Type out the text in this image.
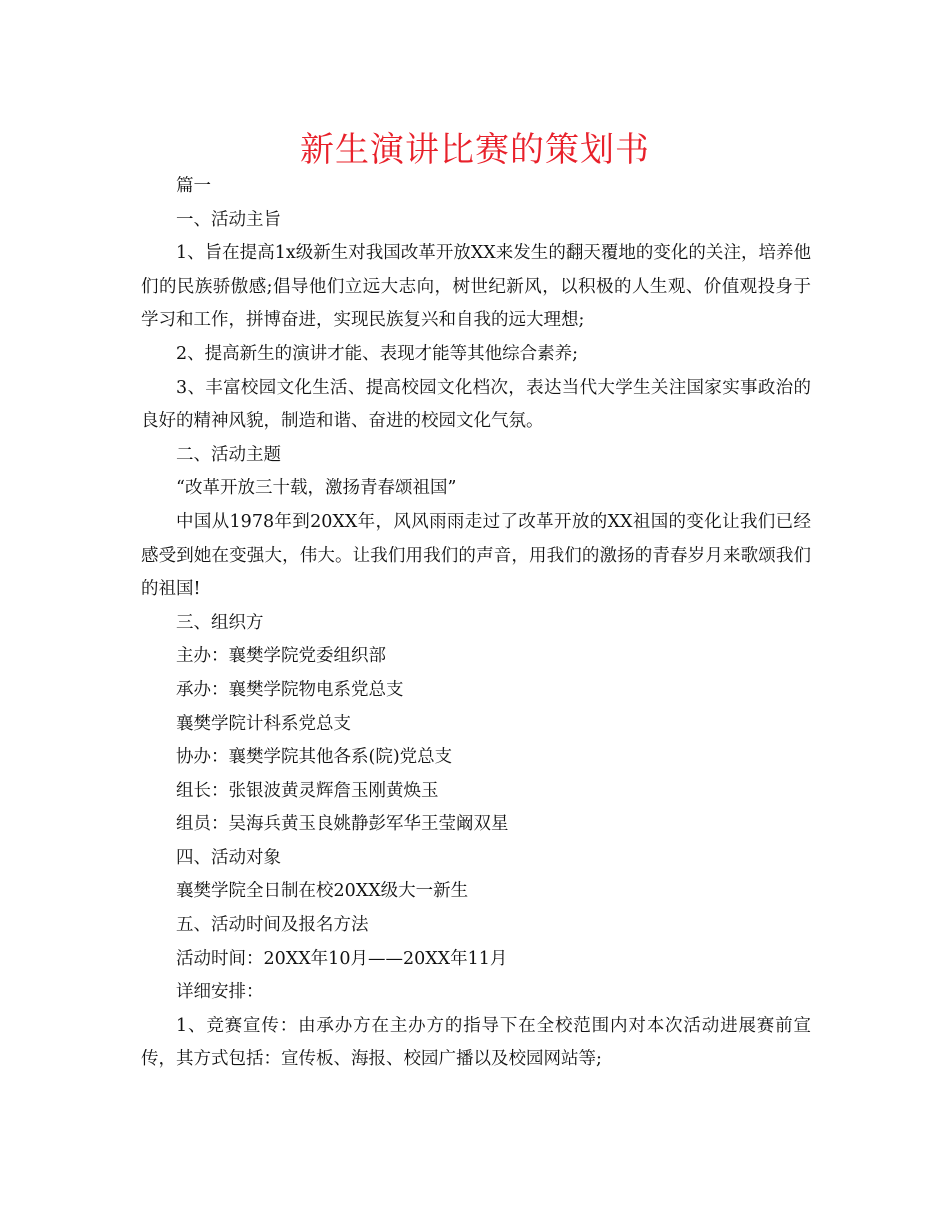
新生演讲比赛的策划书

篇一

一、活动主旨

1、旨在提高1x级新生对我国改革开放XX来发生的翻天覆地的变化的关注，培养他们的民族骄傲感;倡导他们立远大志向，树世纪新风，以积极的人生观、价值观投身于学习和工作，拼博奋进，实现民族复兴和自我的远大理想;

2、提高新生的演讲才能、表现才能等其他综合素养;

3、丰富校园文化生活、提高校园文化档次，表达当代大学生关注国家实事政治的良好的精神风貌，制造和谐、奋进的校园文化气氛。

二、活动主题

“改革开放三十载，激扬青春颂祖国”

中国从1978年到20XX年，风风雨雨走过了改革开放的XX祖国的变化让我们已经感受到她在变强大，伟大。让我们用我们的声音，用我们的激扬的青春岁月来歌颂我们的祖国!

三、组织方

主办：襄樊学院党委组织部

承办：襄樊学院物电系党总支

襄樊学院计科系党总支

协办：襄樊学院其他各系(院)党总支

组长：张银波黄灵辉詹玉刚黄焕玉

组员：吴海兵黄玉良姚静彭军华王莹阚双星

四、活动对象

襄樊学院全日制在校20XX级大一新生

五、活动时间及报名方法

活动时间：20XX年10月——20XX年11月

详细安排：

1、竞赛宣传：由承办方在主办方的指导下在全校范围内对本次活动进展赛前宣传，其方式包括：宣传板、海报、校园广播以及校园网站等;
